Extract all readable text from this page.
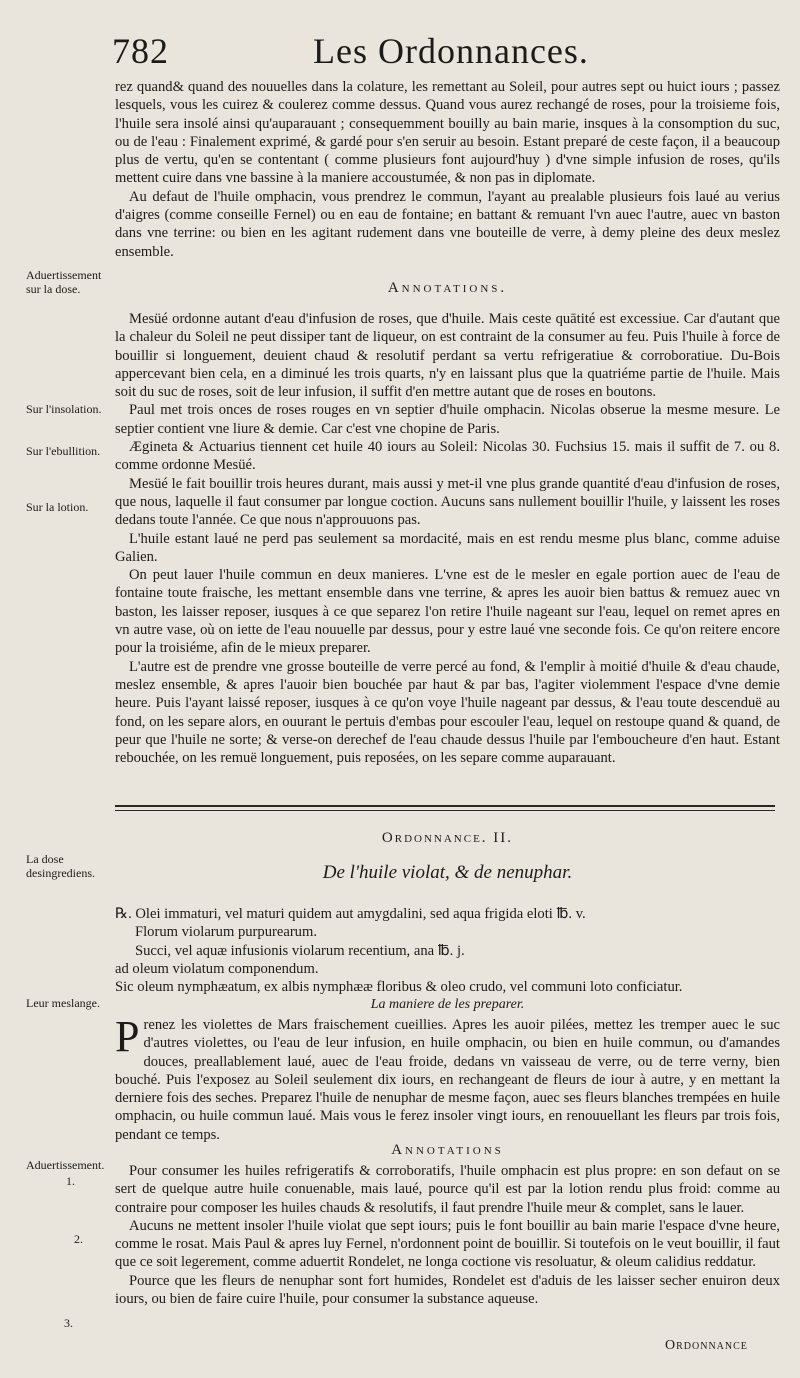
782	Les Ordonnances.

rez quand& quand des nouuelles dans la colature, les remettant au Soleil, pour autres sept ou huict iours ; passez lesquels, vous les cuirez & coulerez comme dessus. Quand vous aurez rechangé de roses, pour la troisieme fois, l'huile sera insolé ainsi qu'auparauant ; consequemment bouilly au bain marie, insques à la consomption du suc, ou de l'eau : Finalement exprimé, & gardé pour s'en seruir au besoin. Estant preparé de ceste façon, il a beaucoup plus de vertu, qu'en se contentant ( comme plusieurs font aujourd'huy ) d'vne simple infusion de roses, qu'ils mettent cuire dans vne bassine à la maniere accoustumée, & non pas in diplomate.

Au defaut de l'huile omphacin, vous prendrez le commun, l'ayant au prealable plusieurs fois laué au verius d'aigres (comme conseille Fernel) ou en eau de fontaine; en battant & remuant l'vn auec l'autre, auec vn baston dans vne terrine: ou bien en les agitant rudement dans vne bouteille de verre, à demy pleine des deux meslez ensemble.

Annotations.

Mesüé ordonne autant d'eau d'infusion de roses, que d'huile. Mais ceste quātité est excessiue. Car d'autant que la chaleur du Soleil ne peut dissiper tant de liqueur, on est contraint de la consumer au feu. Puis l'huile à force de bouillir si longuement, deuient chaud & resolutif perdant sa vertu refrigeratiue & corroboratiue. Du-Bois appercevant bien cela, en a diminué les trois quarts, n'y en laissant plus que la quatriéme partie de l'huile. Mais soit du suc de roses, soit de leur infusion, il suffit d'en mettre autant que de roses en boutons.

Paul met trois onces de roses rouges en vn septier d'huile omphacin. Nicolas obserue la mesme mesure. Le septier contient vne liure & demie. Car c'est vne chopine de Paris.

Æginetа & Actuarius tiennent cet huile 40 iours au Soleil: Nicolas 30. Fuchsius 15. mais il suffit de 7. ou 8. comme ordonne Mesüé.

Mesüé le fait bouillir trois heures durant, mais aussi y met-il vne plus grande quantité d'eau d'infusion de roses, que nous, laquelle il faut consumer par longue coction. Aucuns sans nullement bouillir l'huile, y laissent les roses dedans toute l'année. Ce que nous n'approuuons pas.

L'huile estant laué ne perd pas seulement sa mordacité, mais en est rendu mesme plus blanc, comme aduise Galien.

On peut lauer l'huile commun en deux manieres. L'vne est de le mesler en egale portion auec de l'eau de fontaine toute fraische, les mettant ensemble dans vne terrine, & apres les auoir bien battus & remuez auec vn baston, les laisser reposer, iusques à ce que separez l'on retire l'huile nageant sur l'eau, lequel on remet apres en vn autre vase, où on iette de l'eau nouuelle par dessus, pour y estre laué vne seconde fois. Ce qu'on reitere encore pour la troisiéme, afin de le mieux preparer.

L'autre est de prendre vne grosse bouteille de verre percé au fond, & l'emplir à moitié d'huile & d'eau chaude, meslez ensemble, & apres l'auoir bien bouchée par haut & par bas, l'agiter violemment l'espace d'vne demie heure. Puis l'ayant laissé reposer, iusques à ce qu'on voye l'huile nageant par dessus, & l'eau toute descenduë au fond, on les separe alors, en ouurant le pertuis d'embas pour escouler l'eau, lequel on restoupe quand & quand, de peur que l'huile ne sorte; & verse-on derechef de l'eau chaude dessus l'huile par l'embouchеure d'en haut. Estant rebouchée, on les remuë longuement, puis reposées, on les separe comme auparauant.

Ordonnance. II.
De l'huile violat, & de nenuphar.
℞. Olei immaturi, vel maturi quidem aut amygdalini, sed aqua frigida eloti ℔. v.
Florum violarum purpurearum.
Succi, vel aquæ infusionis violarum recentium, ana ℔. j.
ad oleum violatum componendum.
Sic oleum nymphæatum, ex albis nymphææ floribus & oleo crudo, vel communi loto conficiatur.
La maniere de les preparer.

Prenez les violettes de Mars fraischement cueillies. Apres les auoir pilées, mettez les tremper auec le suc d'autres violettes, ou l'eau de leur infusion, en huile omphacin, ou bien en huile commun, ou d'amandes douces, preallablement laué, auec de l'eau froide, dedans vn vaisseau de verre, ou de terre verny, bien bouché. Puis l'exposez au Soleil seulement dix iours, en rechangeant de fleurs de iour à autre, y en mettant la derniere fois des seches. Preparez l'huile de nenuphar de mesme façon, auec ses fleurs blanches trempées en huile omphacin, ou huile commun laué. Mais vous le ferez insoler vingt iours, en renouuellant les fleurs par trois fois, pendant ce temps.

Annotations

Pour consumer les huiles refrigeratifs & corroboratifs, l'huile omphacin est plus propre: en son defaut on se sert de quelque autre huile conuenable, mais laué, pource qu'il est par la lotion rendu plus froid: comme au contraire pour composer les huiles chauds & resolutifs, il faut prendre l'huile meur & complet, sans le lauer.

Aucuns ne mettent insoler l'huile violat que sept iours; puis le font bouillir au bain marie l'espace d'vne heure, comme le rosat. Mais Paul & apres luy Fernel, n'ordonnent point de bouillir. Si toutefois on le veut bouillir, il faut que ce soit legerement, comme aduertit Rondelet, ne longa coctione vis resoluatur, & oleum calidius reddatur.

Pource que les fleurs de nenuphar sont fort humides, Rondelet est d'aduis de les laisser secher enuiron deux iours, ou bien de faire cuire l'huile, pour consumer la substance aqueuse.

Ordonnance
Aduertissement sur la dose.
Sur l'insolation.
Sur l'ebullition.
Sur la lotion.
La dose desingrediens.
Leur meslange.
Aduertissement.
1.
2.
3.
